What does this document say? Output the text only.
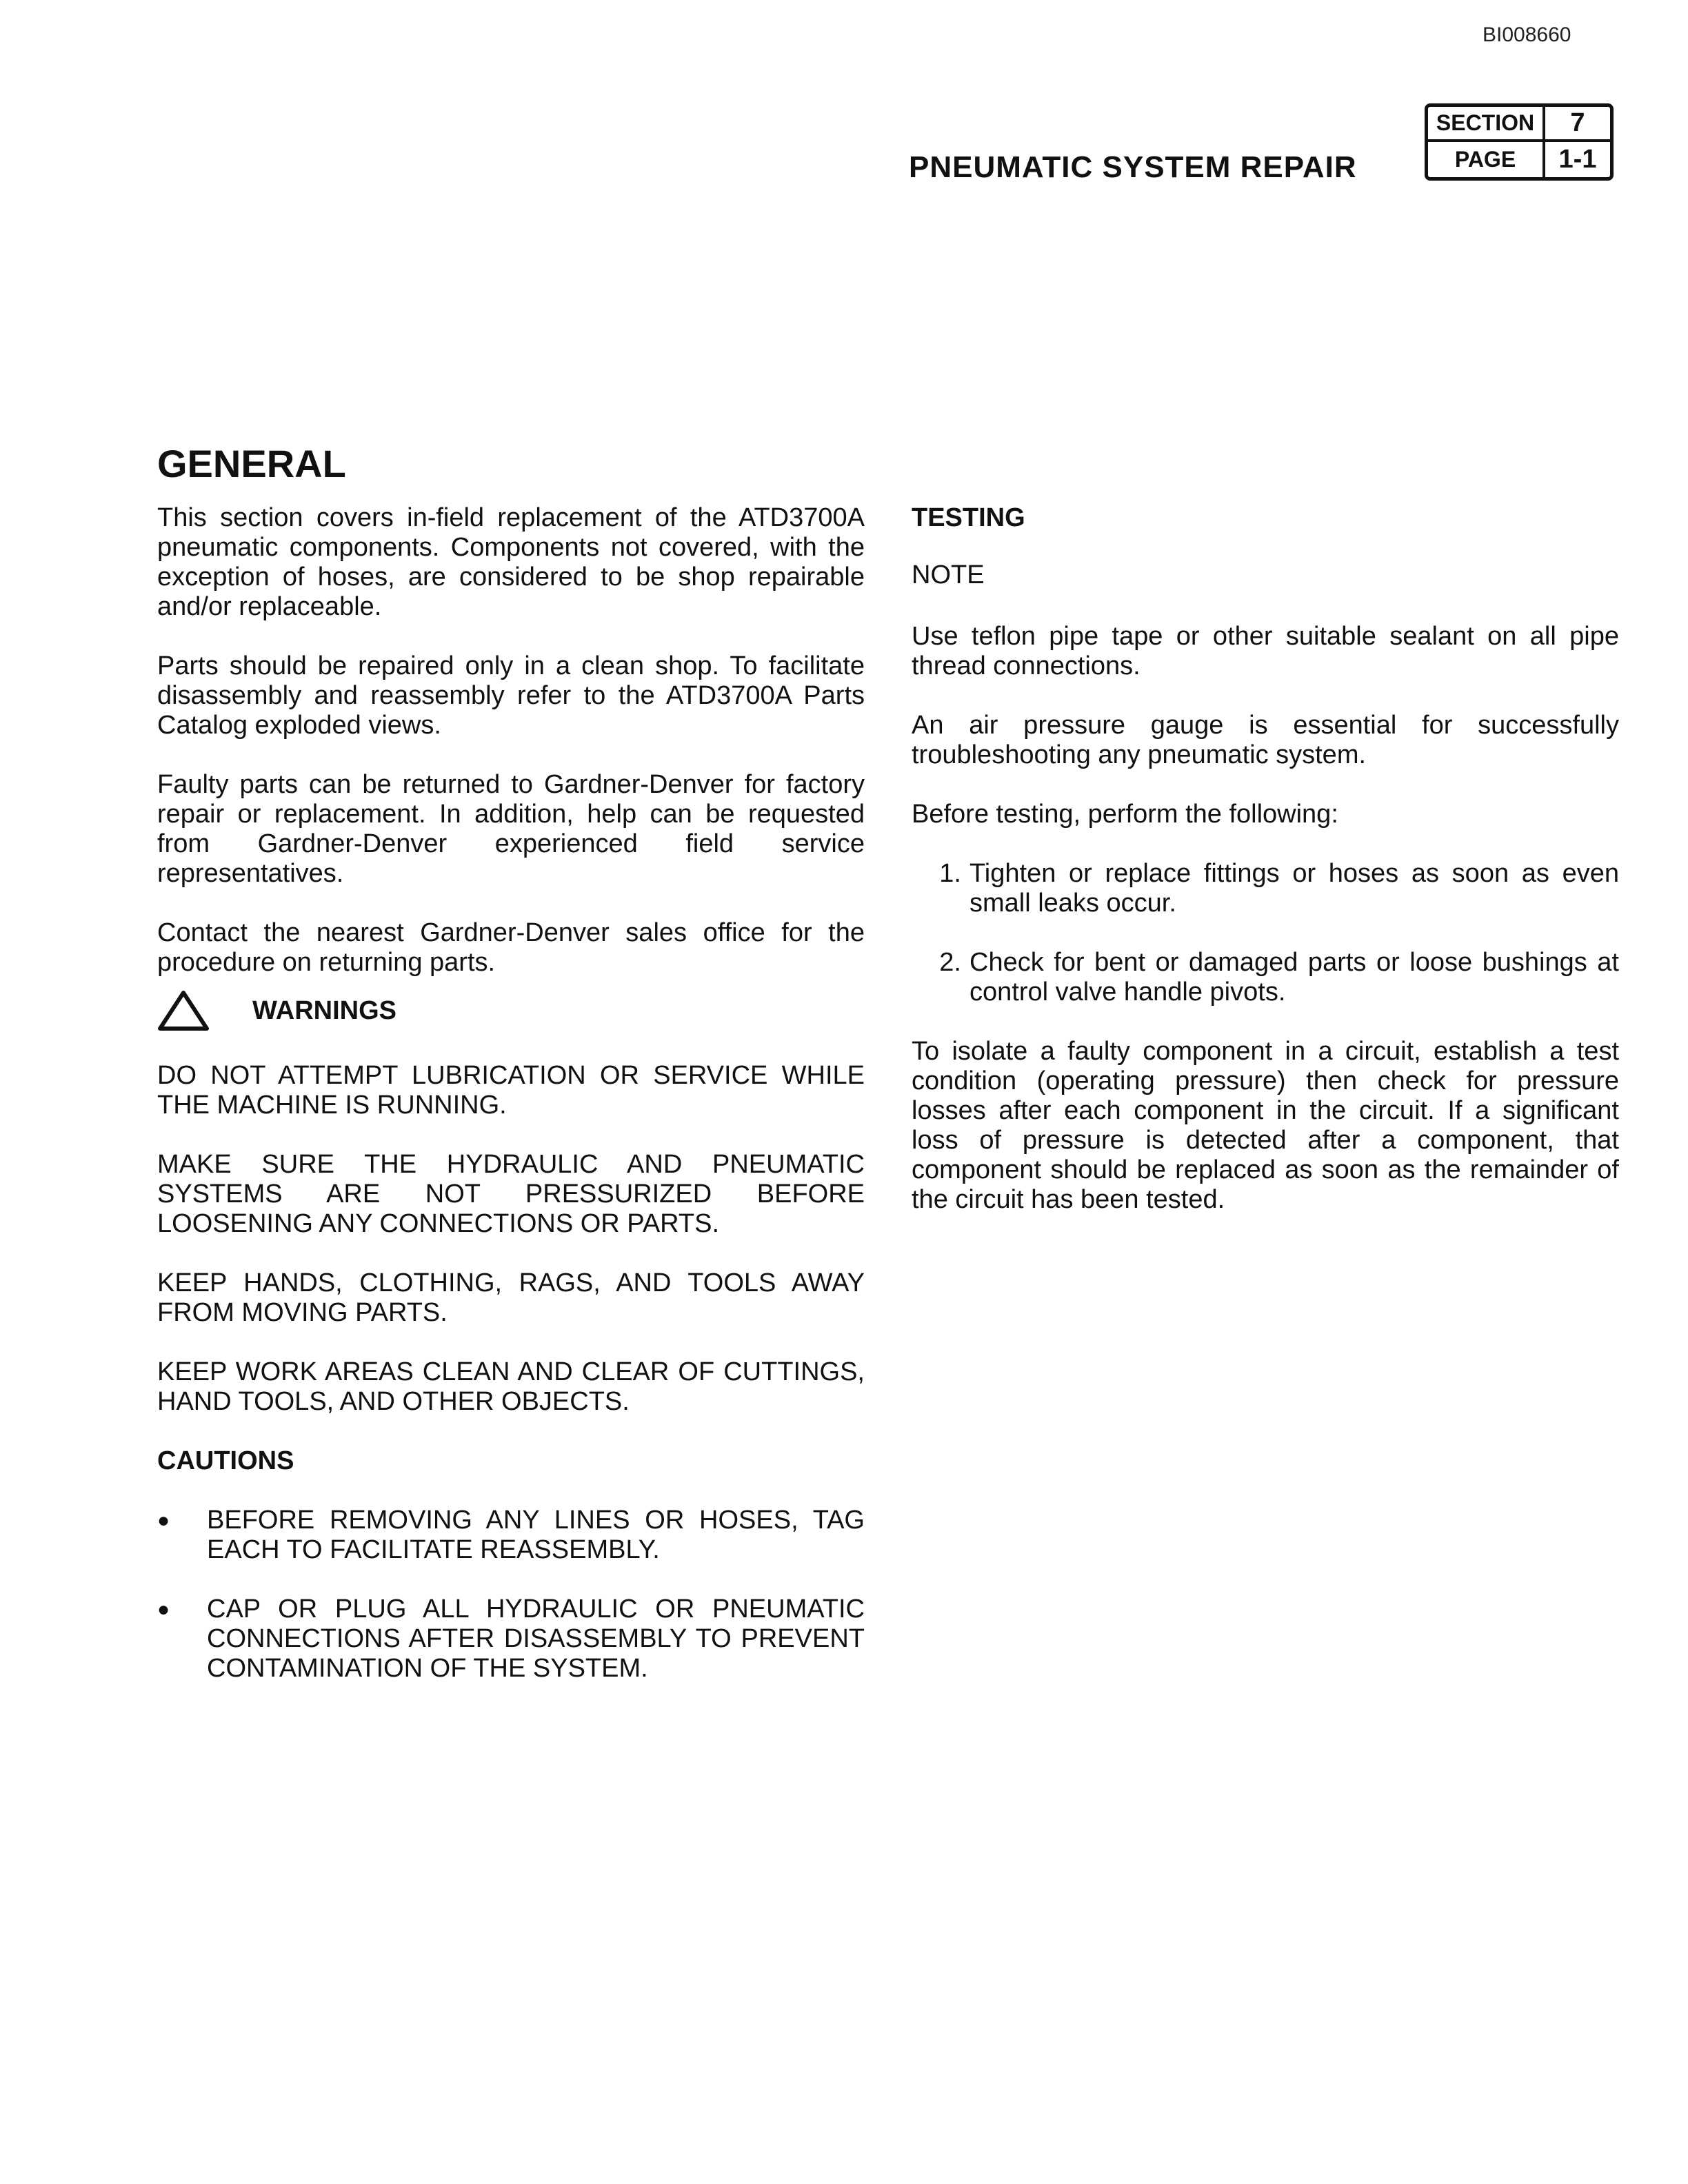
BI008660
PNEUMATIC SYSTEM REPAIR
SECTION	7
PAGE	1-1
GENERAL

This section covers in-field replacement of the ATD3700A pneumatic components. Components not covered, with the exception of hoses, are considered to be shop repairable and/or replaceable.

Parts should be repaired only in a clean shop. To facilitate disassembly and reassembly refer to the ATD3700A Parts Catalog exploded views.

Faulty parts can be returned to Gardner-Denver for factory repair or replacement. In addition, help can be requested from Gardner-Denver experienced field service representatives.

Contact the nearest Gardner-Denver sales office for the procedure on returning parts.

WARNINGS

DO NOT ATTEMPT LUBRICATION OR SERVICE WHILE THE MACHINE IS RUNNING.

MAKE SURE THE HYDRAULIC AND PNEUMATIC SYSTEMS ARE NOT PRESSURIZED BEFORE LOOSENING ANY CONNECTIONS OR PARTS.

KEEP HANDS, CLOTHING, RAGS, AND TOOLS AWAY FROM MOVING PARTS.

KEEP WORK AREAS CLEAN AND CLEAR OF CUTTINGS, HAND TOOLS, AND OTHER OBJECTS.

CAUTIONS

●	BEFORE REMOVING ANY LINES OR HOSES, TAG EACH TO FACILITATE REASSEMBLY.
●	CAP OR PLUG ALL HYDRAULIC OR PNEUMATIC CONNECTIONS AFTER DISASSEMBLY TO PREVENT CONTAMINATION OF THE SYSTEM.

TESTING

NOTE

Use teflon pipe tape or other suitable sealant on all pipe thread connections.

An air pressure gauge is essential for successfully troubleshooting any pneumatic system.

Before testing, perform the following:

1. Tighten or replace fittings or hoses as soon as even small leaks occur.
2. Check for bent or damaged parts or loose bushings at control valve handle pivots.

To isolate a faulty component in a circuit, establish a test condition (operating pressure) then check for pressure losses after each component in the circuit. If a significant loss of pressure is detected after a component, that component should be replaced as soon as the remainder of the circuit has been tested.
